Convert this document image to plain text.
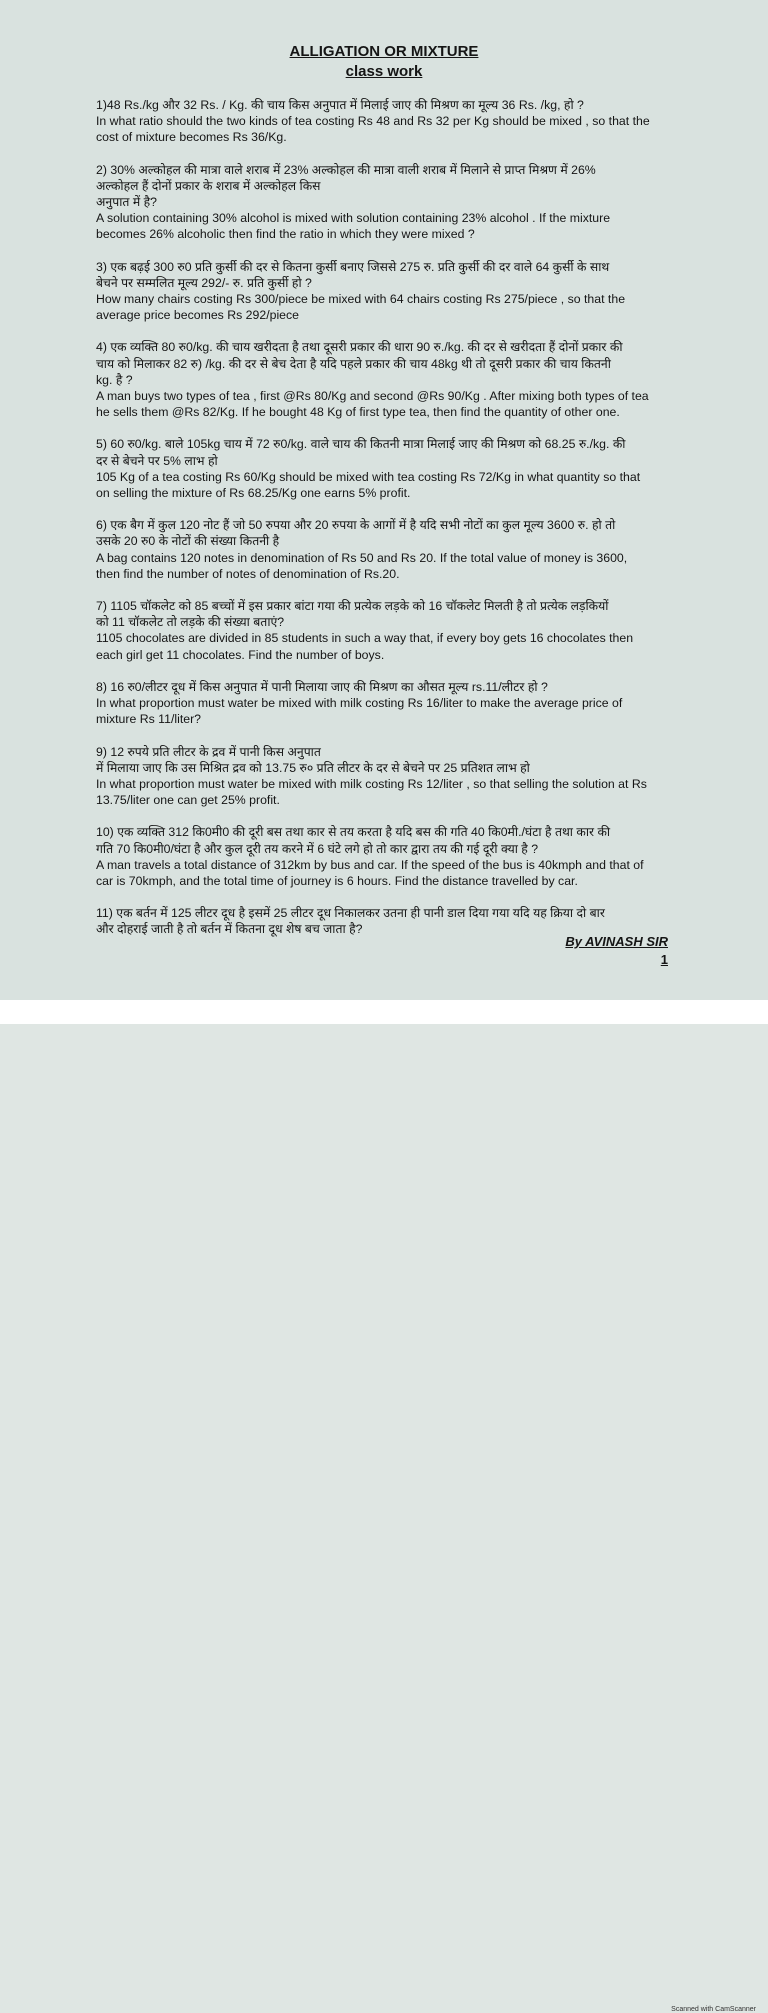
ALLIGATION OR MIXTURE
class work
1)48 Rs./kg और 32 Rs. / Kg. की चाय किस अनुपात में मिलाई जाए की मिश्रण का मूल्य 36 Rs. /kg, हो ?
In what ratio should the two kinds of tea costing Rs 48 and Rs 32 per Kg should be mixed , so that the
cost of mixture becomes Rs 36/Kg.
2) 30% अल्कोहल की मात्रा वाले शराब में 23% अल्कोहल की मात्रा वाली शराब में मिलाने से प्राप्त मिश्रण में 26%
अल्कोहल हैं दोनों प्रकार के शराब में अल्कोहल किस
अनुपात में है?
A solution containing 30% alcohol is mixed with solution containing 23% alcohol . If the mixture
becomes 26% alcoholic then find the ratio in which they were mixed ?
3) एक बढ़ई 300 रु0 प्रति कुर्सी की दर से कितना कुर्सी बनाए जिससे 275 रु. प्रति कुर्सी की दर वाले 64 कुर्सी के साथ
बेचने पर सम्मलित मूल्य 292/- रु. प्रति कुर्सी हो ?
How many chairs costing Rs 300/piece be mixed with 64 chairs costing Rs 275/piece , so that the
average price becomes Rs 292/piece
4) एक व्यक्ति 80 रु0/kg. की चाय खरीदता है तथा दूसरी प्रकार की धारा 90 रु./kg. की दर से खरीदता हैं दोनों प्रकार की
चाय को मिलाकर 82 रु) /kg. की दर से बेच देता है यदि पहले प्रकार की चाय 48kg थी तो दूसरी प्रकार की चाय कितनी
kg. है ?
A man buys two types of tea , first @Rs 80/Kg and second @Rs 90/Kg . After mixing both types of tea
he sells them @Rs 82/Kg. If he bought 48 Kg of first type tea, then find the quantity of other one.
5) 60 रु0/kg. बाले 105kg चाय में 72 रु0/kg. वाले चाय की कितनी मात्रा मिलाई जाए की मिश्रण को 68.25 रु./kg. की
दर से बेचने पर 5% लाभ हो
105 Kg of a tea costing Rs 60/Kg should be mixed with tea costing Rs 72/Kg in what quantity so that
on selling the mixture of Rs 68.25/Kg one earns 5% profit.
6) एक बैग में कुल 120 नोट हैं जो 50 रुपया और 20 रुपया के आगों में है यदि सभी नोटों का कुल मूल्य 3600 रु. हो तो
उसके 20 रु0 के नोटों की संख्या कितनी है
A bag contains 120 notes in denomination of Rs 50 and Rs 20. If the total value of money is 3600,
then find the number of notes of denomination of Rs.20.
7) 1105 चॉकलेट को 85 बच्चों में इस प्रकार बांटा गया की प्रत्येक लड़के को 16 चॉकलेट मिलती है तो प्रत्येक लड़कियों
को 11 चॉकलेट तो लड़के की संख्या बताएं?
1105 chocolates are divided in 85 students in such a way that, if every boy gets 16 chocolates then
each girl get 11 chocolates. Find the number of boys.
8) 16 रु0/लीटर दूध में किस अनुपात में पानी मिलाया जाए की मिश्रण का औसत मूल्य rs.11/लीटर हो ?
In what proportion must water be mixed with milk costing Rs 16/liter to make the average price of
mixture Rs 11/liter?
9) 12 रुपये प्रति लीटर के द्रव में पानी किस अनुपात
में मिलाया जाए कि उस मिश्रित द्रव को 13.75 रु० प्रति लीटर के दर से बेचने पर 25 प्रतिशत लाभ हो
In what proportion must water be mixed with milk costing Rs 12/liter , so that selling the solution at Rs
13.75/liter one can get 25% profit.
10) एक व्यक्ति 312 कि0मी0 की दूरी बस तथा कार से तय करता है यदि बस की गति 40 कि0मी./घंटा है तथा कार की
गति 70 कि0मी0/घंटा है और कुल दूरी तय करने में 6 घंटे लगे हो तो कार द्वारा तय की गई दूरी क्या है ?
A man travels a total distance of 312km by bus and car. If the speed of the bus is 40kmph and that of
car is 70kmph, and the total time of journey is 6 hours. Find the distance travelled by car.
11) एक बर्तन में 125 लीटर दूध है इसमें 25 लीटर दूध निकालकर उतना ही पानी डाल दिया गया यदि यह क्रिया दो बार
और दोहराई जाती है तो बर्तन में कितना दूध शेष बच जाता है?
By AVINASH SIR
1
Scanned with CamScanner
